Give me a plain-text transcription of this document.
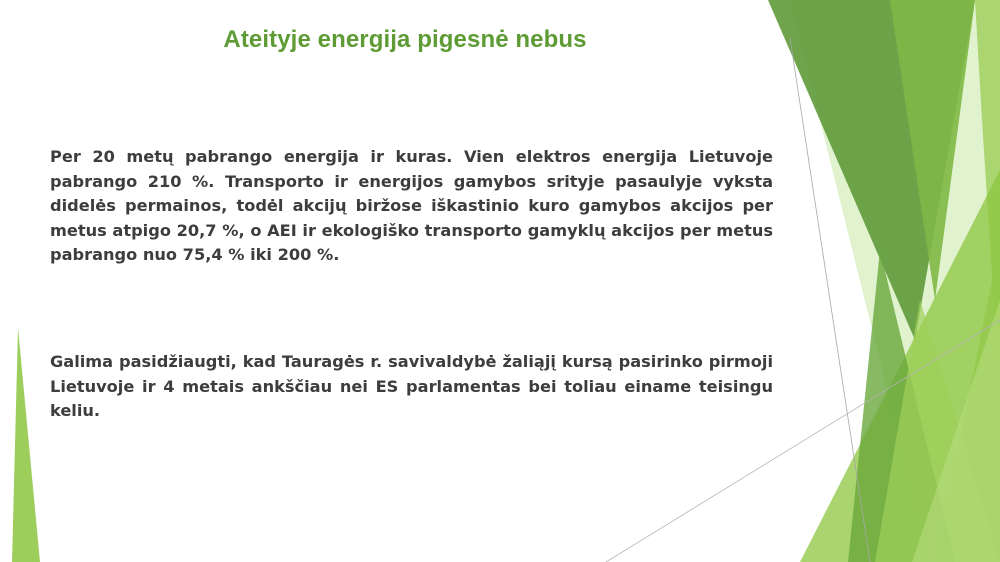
Ateityje energija pigesnė nebus

Per 20 metų pabrango energija ir kuras. Vien elektros energija Lietuvoje pabrango 210 %. Transporto ir energijos gamybos srityje pasaulyje vyksta didelės permainos, todėl akcijų biržose iškastinio kuro gamybos akcijos per metus atpigo 20,7 %, o AEI ir ekologiško transporto gamyklų akcijos per metus pabrango nuo 75,4 % iki 200 %.

Galima pasidžiaugti, kad Tauragės r. savivaldybė žaliąjį kursą pasirinko pirmoji Lietuvoje ir 4 metais ankščiau nei ES parlamentas bei toliau einame teisingu keliu.
